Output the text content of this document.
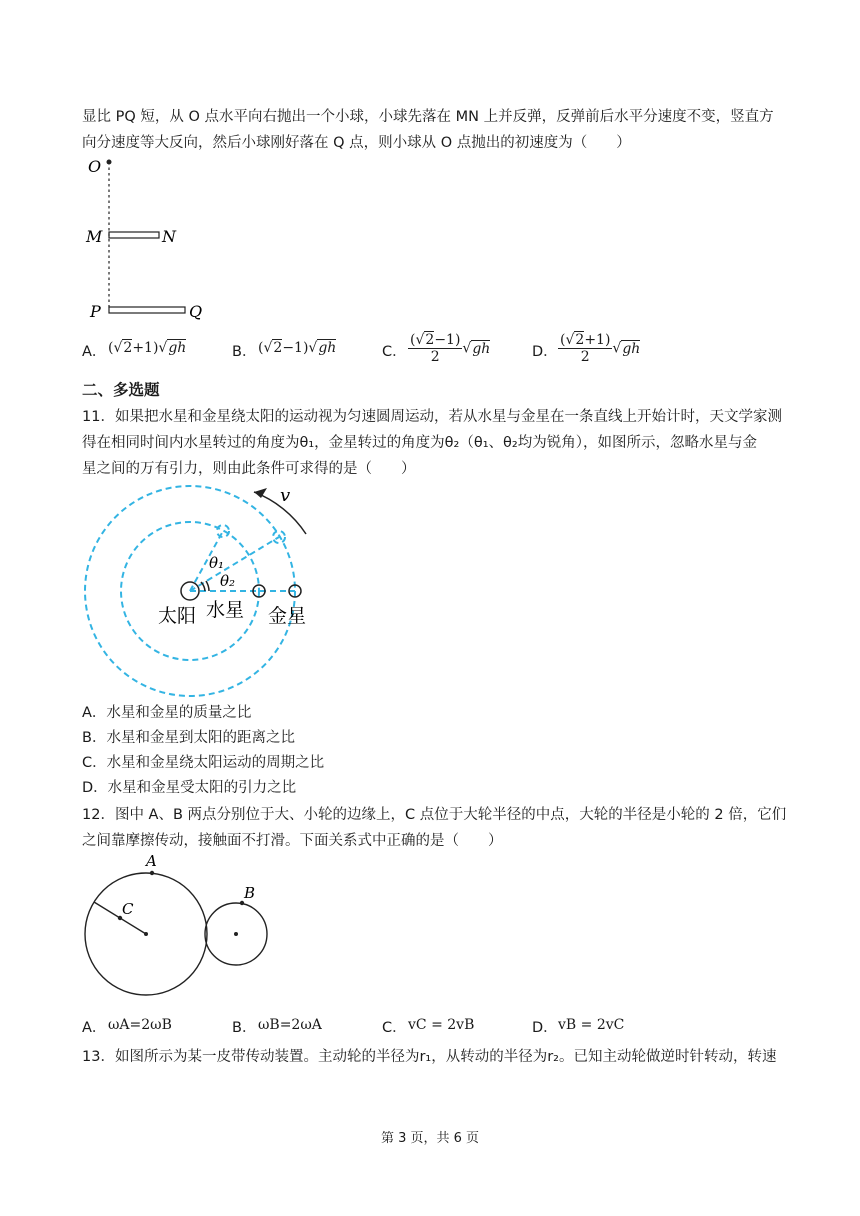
显比 PQ 短，从 O 点水平向右抛出一个小球，小球先落在 MN 上并反弹，反弹前后水平分速度不变，竖直方

向分速度等大反向，然后小球刚好落在 Q 点，则小球从 O 点抛出的初速度为（　　）

O
M	N
P	Q
A． (√2+1)√gh	B． (√2−1)√gh	C． $\frac{(√2-1)}{2} √gh$	D． $\frac{(√2+1)}{2} √gh$
二、多选题

11．如果把水星和金星绕太阳的运动视为匀速圆周运动，若从水星与金星在一条直线上开始计时，天文学家测

得在相同时间内水星转过的角度为θ₁，金星转过的角度为θ₂（θ₁、θ₂均为锐角），如图所示，忽略水星与金

星之间的万有引力，则由此条件可求得的是（　　）

v
θ₁
θ₂
太阳 水星 金星

A．水星和金星的质量之比

B．水星和金星到太阳的距离之比

C．水星和金星绕太阳运动的周期之比

D．水星和金星受太阳的引力之比

12．图中 A、B 两点分别位于大、小轮的边缘上，C 点位于大轮半径的中点，大轮的半径是小轮的 2 倍，它们

之间靠摩擦传动，接触面不打滑。下面关系式中正确的是（　　）

A
C
B
A． ωA=2ωB	B． ωB=2ωA	C． vC = 2vB	D． vB = 2vC

13．如图所示为某一皮带传动装置。主动轮的半径为r₁，从转动的半径为r₂。已知主动轮做逆时针转动，转速

第 3 页，共 6 页
